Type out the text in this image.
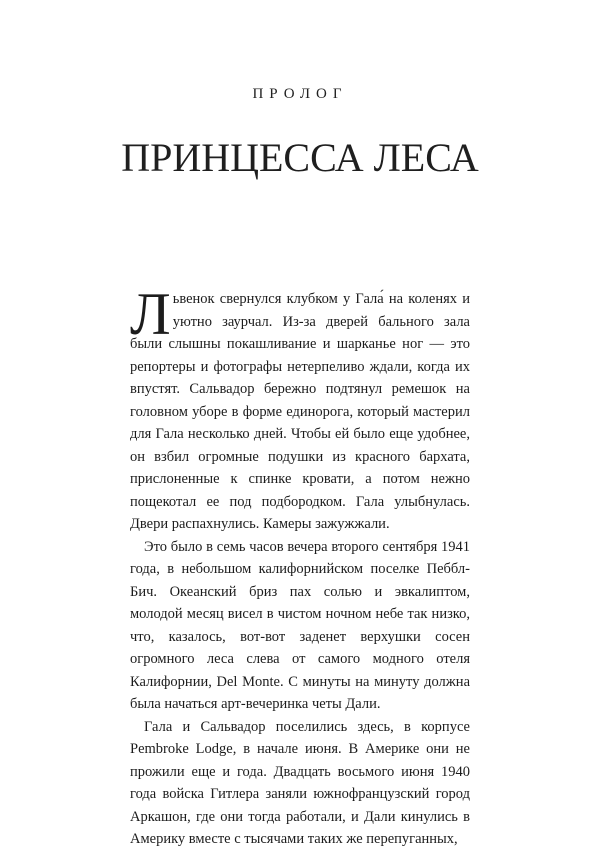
ПРОЛОГ
ПРИНЦЕССА ЛЕСА

Львенок свернулся клубком у Гала́ на коленях и уютно заурчал. Из-за дверей бального зала были слышны покашливание и шарканье ног — это репортеры и фотографы нетерпеливо ждали, когда их впустят. Сальвадор бережно подтянул ремешок на головном уборе в форме единорога, который мастерил для Гала несколько дней. Чтобы ей было еще удобнее, он взбил огромные подушки из красного бархата, прислоненные к спинке кровати, а потом нежно пощекотал ее под подбородком. Гала улыбнулась. Двери распахнулись. Камеры зажужжали.

Это было в семь часов вечера второго сентября 1941 года, в небольшом калифорнийском поселке Пеббл-Бич. Океанский бриз пах солью и эвкалиптом, молодой месяц висел в чистом ночном небе так низко, что, казалось, вот-вот заденет верхушки сосен огромного леса слева от самого модного отеля Калифорнии, Del Monte. С минуты на минуту должна была начаться арт-вечеринка четы Дали.

Гала и Сальвадор поселились здесь, в корпусе Pembroke Lodge, в начале июня. В Америке они не прожили еще и года. Двадцать восьмого июня 1940 года войска Гитлера заняли южнофранцузский город Аркашон, где они тогда работали, и Дали кинулись в Америку вместе с тысячами таких же перепуганных,
